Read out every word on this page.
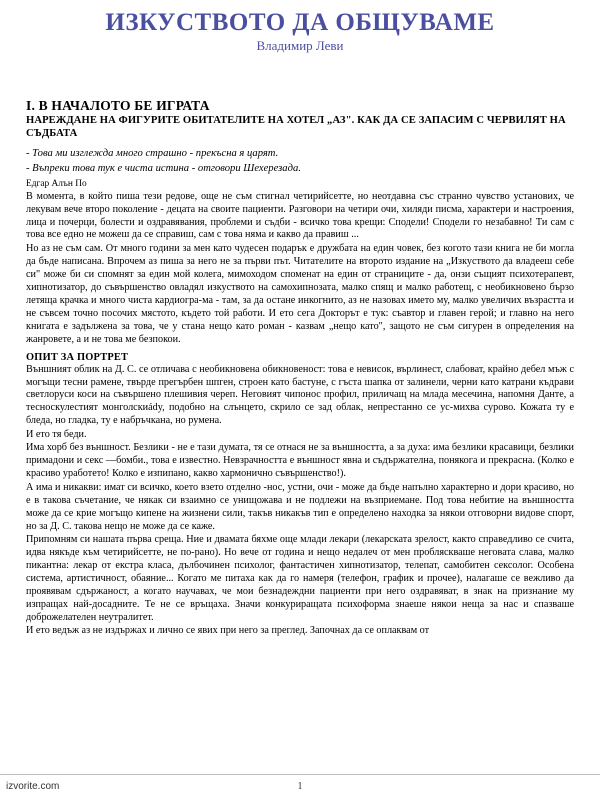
ИЗКУСТВОТО ДА ОБЩУВАМЕ
Владимир Леви
I. В НАЧАЛОТО БЕ ИГРАТА
НАРЕЖДАНЕ НА ФИГУРИТЕ ОБИТАТЕЛИТЕ НА ХОТЕЛ „АЗ". КАК ДА СЕ ЗАПАСИМ С ЧЕРВИЛЯТ НА СЪДБАТА
- Това ми изглежда много страшно - прекъсна я царят.
- Въпреки това тук е чиста истина - отговори Шехерезада.
Едгар Алън По

В момента, в който пиша тези редове, още не съм стигнал четирийсетте, но неотдавна със странно чувство установих, че лекувам вече второ поколение - децата на своите пациенти. Разговори на четири очи, хиляди писма, характери и настроения, лица и почерци, болести и оздравявания, проблеми и съдби - всичко това крещи: Сподели! Сподели го незабавно! Ти сам с това все едно не можеш да се справиш, сам с това няма и какво да правиш ...

Но аз не съм сам. От много години за мен като чудесен подарък е дружбата на един човек, без когото тази книга не би могла да бъде написана. Впрочем аз пиша за него не за първи път. Читателите на второто издание на „Изкуството да владееш себе си" може би си спомнят за един мой колега, мимоходом споменат на един от страниците - да, онзи същият психотерапевт, хипнотизатор, до съвършенство овладял изкуството на самохипнозата, малко спящ и малко работещ, с необикновено бързо летяща крачка и много чиста кардиогра-ма - там, за да остане инкогнито, аз не назовах името му, малко увеличих възрастта и не съвсем точно посочих мястото, където той работи. И ето сега Докторът е тук: съавтор и главен герой; и главно на него книгата е задължена за това, че у стана нещо като роман - казвам „нещо като", защото не съм сигурен в определения на жанровете, а и не това ме безпокои.

ОПИТ ЗА ПОРТРЕТ

Външният облик на Д. С. се отличава с необикновена обикновеност: това е невисок, върлинест, слабоват, крайно дебел мъж с могъщи тесни рамене, твърде прегърбен шпген, строен като бастуне, с гъста шапка от залинели, черни като катрани къдрави светлоруси коси на съвършено плешивия череп. Неговият чипонос профил, приличащ на млада месечина, напомня Данте, а тесноскулестият монголскиády, подобно на слънцето, скрило се зад облак, непрестанно се ус-михва сурово. Кожата ту е бледа, но гладка, ту е набръчкана, но румена.

И ето тя беди.

Има хорб без външност. Безлики - не е тази думата, тя се отнася не за външността, а за духа: има безлики красавици, безлики примадони и секс —бомби., това е известно. Невзрачността е външност явна и съдържателна, понякога и прекрасна. (Колко е красиво уработето! Колко е изпипано, какво хармонично съвършенство!).

А има и никакви: имат си всичко, което взето отделно -нос, устни, очи - може да бъде напълно характерно и дори красиво, но е в такова съчетание, че някак си взаимно се унищожава и не подлежи на възприемане. Под това небитие на външността може да се крие могъщо кипене на жизнени сили, такъв никакъв тип е определено находка за някои отговорни видове спорт, но за Д. С. такова нещо не може да се каже.

Припомням си нашата първа среща. Ние и двамата бяхме още млади лекари (лекарската зрелост, както справедливо се счита, идва някъде към четирийсетте, не по-рано). Но вече от година и нещо недалеч от мен пробляскваше неговата слава, малко пикантна: лекар от екстра класа, дълбочинен психолог, фантастичен хипнотизатор, телепат, самобитен сексолог. Особена система, артистичност, обаяние... Когато ме питаха как да го намеря (телефон, график и прочее), налагаше се вежливо да проявявам сдържаност, а когато научавах, че мои безнадеждни пациенти при него оздравяват, в знак на признание му изпращах най-досадните. Те не се връщаха. Значи конкуриращата психоформа знаеше някои неща за нас и спазваше доброжелателен неутралитет.

И ето ведъж аз не издържах и лично се явих при него за преглед. Започнах да се оплаквам от

izvorite.com	1
